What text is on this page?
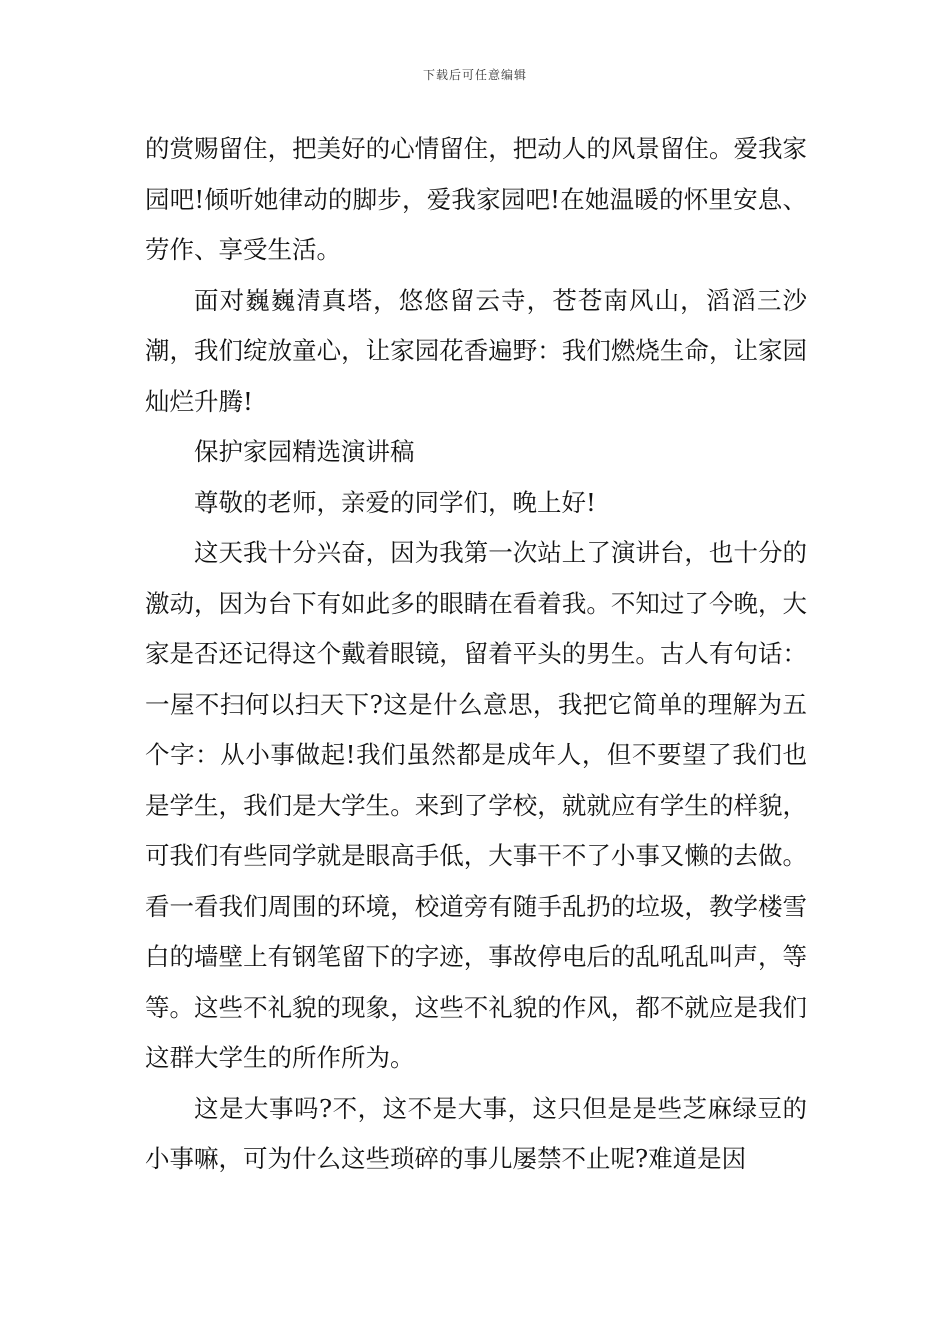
下载后可任意编辑

的赏赐留住，把美好的心情留住，把动人的风景留住。爱我家园吧!倾听她律动的脚步，爱我家园吧!在她温暖的怀里安息、劳作、享受生活。

面对巍巍清真塔，悠悠留云寺，苍苍南风山，滔滔三沙潮，我们绽放童心，让家园花香遍野：我们燃烧生命，让家园灿烂升腾!

保护家园精选演讲稿

尊敬的老师，亲爱的同学们，晚上好!

这天我十分兴奋，因为我第一次站上了演讲台，也十分的激动，因为台下有如此多的眼睛在看着我。不知过了今晚，大家是否还记得这个戴着眼镜，留着平头的男生。古人有句话：一屋不扫何以扫天下?这是什么意思，我把它简单的理解为五个字：从小事做起!我们虽然都是成年人，但不要望了我们也是学生，我们是大学生。来到了学校，就就应有学生的样貌，可我们有些同学就是眼高手低，大事干不了小事又懒的去做。看一看我们周围的环境，校道旁有随手乱扔的垃圾，教学楼雪白的墙壁上有钢笔留下的字迹，事故停电后的乱吼乱叫声，等等。这些不礼貌的现象，这些不礼貌的作风，都不就应是我们这群大学生的所作所为。

这是大事吗?不，这不是大事，这只但是是些芝麻绿豆的小事嘛，可为什么这些琐碎的事儿屡禁不止呢?难道是因
